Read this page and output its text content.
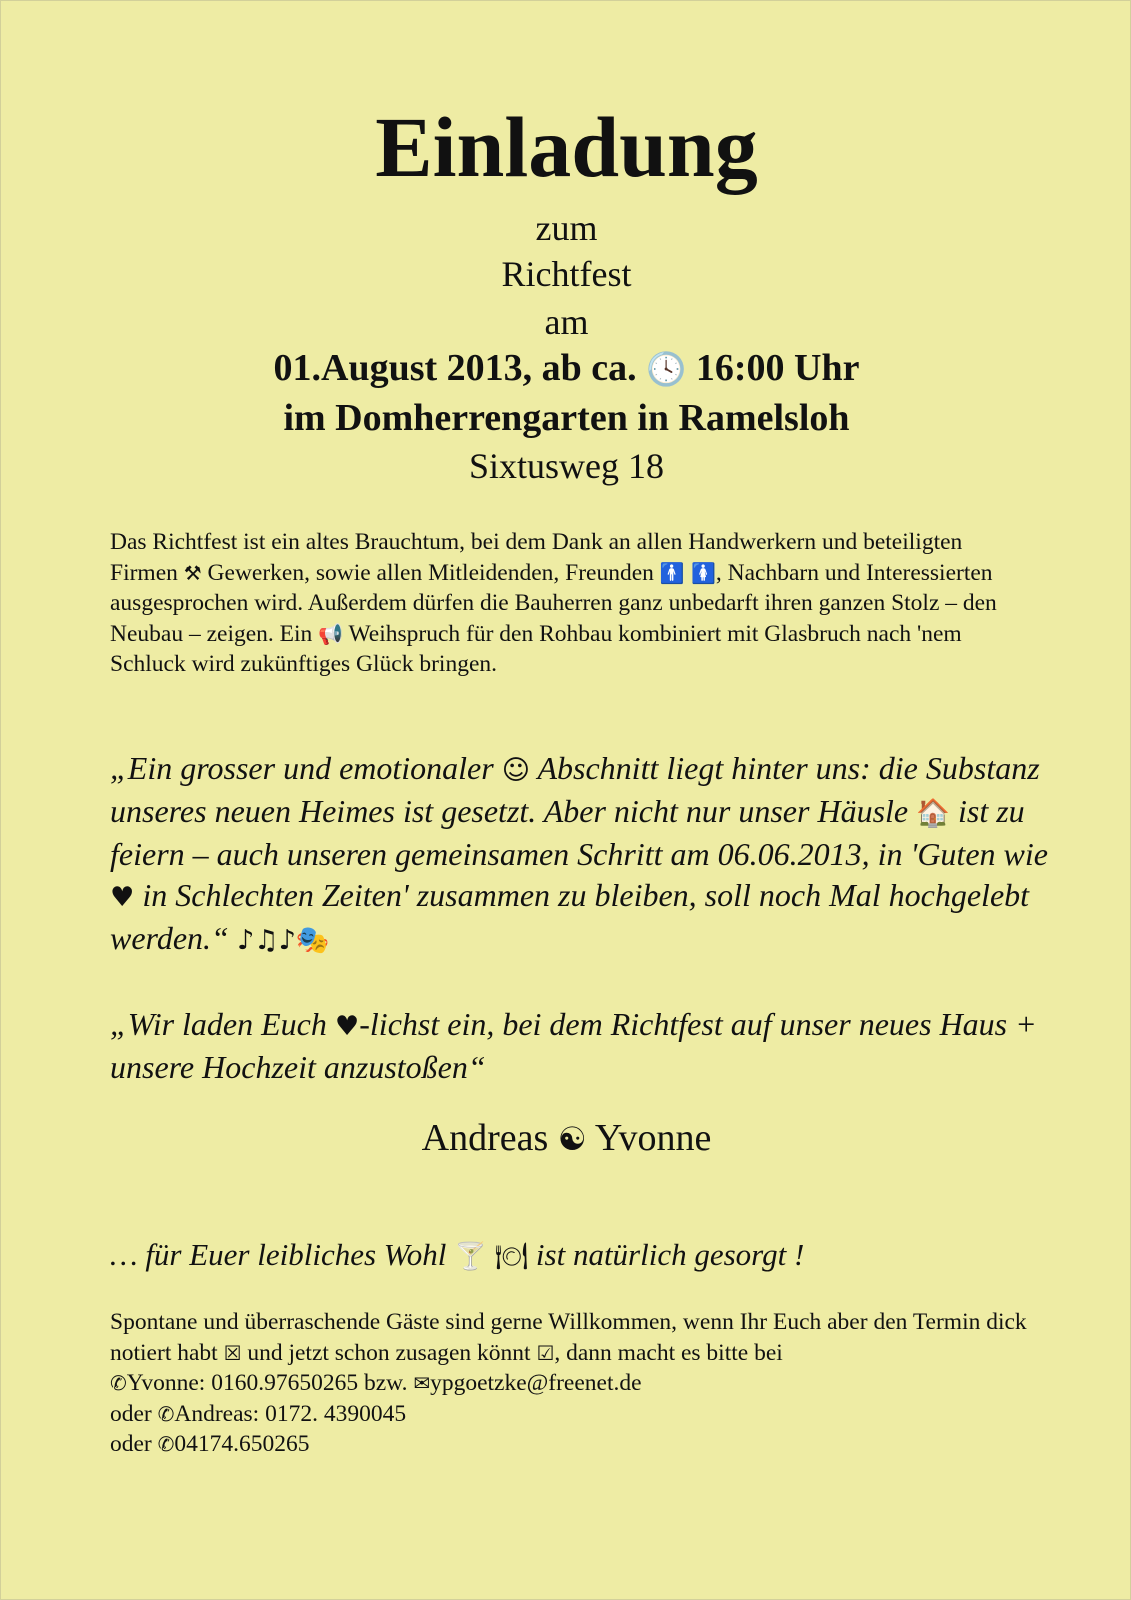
Einladung
zum
Richtfest
am
01.August 2013, ab ca. 🕓 16:00 Uhr
im Domherrengarten in Ramelsloh
Sixtusweg 18
Das Richtfest ist ein altes Brauchtum, bei dem Dank an allen Handwerkern und beteiligten Firmen ⚒ Gewerken, sowie allen Mitleidenden, Freunden 🚹 🚺, Nachbarn und Interessierten ausgesprochen wird. Außerdem dürfen die Bauherren ganz unbedarft ihren ganzen Stolz – den Neubau – zeigen. Ein 📢 Weihspruch für den Rohbau kombiniert mit Glasbruch nach 'nem Schluck wird zukünftiges Glück bringen.
„Ein grosser und emotionaler ☺ Abschnitt liegt hinter uns: die Substanz unseres neuen Heimes ist gesetzt. Aber nicht nur unser Häusle 🏠 ist zu feiern – auch unseren gemeinsamen Schritt am 06.06.2013, in 'Guten wie ♥ in Schlechten Zeiten' zusammen zu bleiben, soll noch Mal hochgelebt werden.“ ♪♫♪🎭
„Wir laden Euch ♥-lichst ein, bei dem Richtfest auf unser neues Haus + unsere Hochzeit anzustoßen“
Andreas ☯ Yvonne
… für Euer leibliches Wohl 🍸 🍽 ist natürlich gesorgt !
Spontane und überraschende Gäste sind gerne Willkommen, wenn Ihr Euch aber den Termin dick notiert habt ☒ und jetzt schon zusagen könnt ☑, dann macht es bitte bei
✆Yvonne: 0160.97650265 bzw. ✉ypgoetzke@freenet.de
oder ✆Andreas: 0172. 4390045
oder ✆04174.650265
